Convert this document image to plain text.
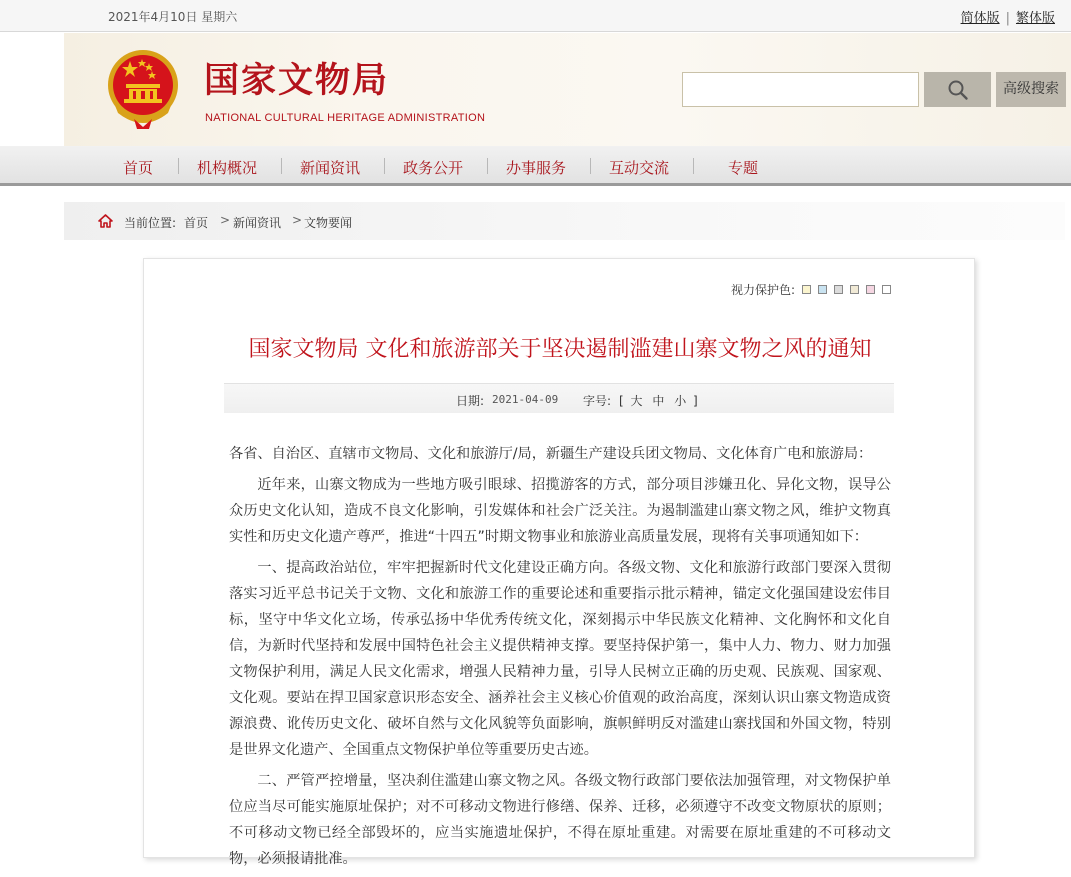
2021年4月10日 星期六	简体版 | 繁体版
国家文物局
NATIONAL CULTURAL HERITAGE ADMINISTRATION
高级搜索
首页	机构概况	新闻资讯	政务公开	办事服务	互动交流	专题
当前位置: 首页 > 新闻资讯 > 文物要闻
视力保护色:
国家文物局 文化和旅游部关于坚决遏制滥建山寨文物之风的通知
日期: 2021-04-09 字号: [ 大 中 小 ]

各省、自治区、直辖市文物局、文化和旅游厅/局，新疆生产建设兵团文物局、文化体育广电和旅游局：

近年来，山寨文物成为一些地方吸引眼球、招揽游客的方式，部分项目涉嫌丑化、异化文物，误导公众历史文化认知，造成不良文化影响，引发媒体和社会广泛关注。为遏制滥建山寨文物之风，维护文物真实性和历史文化遗产尊严，推进“十四五”时期文物事业和旅游业高质量发展，现将有关事项通知如下：

一、提高政治站位，牢牢把握新时代文化建设正确方向。各级文物、文化和旅游行政部门要深入贯彻落实习近平总书记关于文物、文化和旅游工作的重要论述和重要指示批示精神，锚定文化强国建设宏伟目标，坚守中华文化立场，传承弘扬中华优秀传统文化，深刻揭示中华民族文化精神、文化胸怀和文化自信，为新时代坚持和发展中国特色社会主义提供精神支撑。要坚持保护第一，集中人力、物力、财力加强文物保护利用，满足人民文化需求，增强人民精神力量，引导人民树立正确的历史观、民族观、国家观、文化观。要站在捍卫国家意识形态安全、涵养社会主义核心价值观的政治高度，深刻认识山寨文物造成资源浪费、讹传历史文化、破坏自然与文化风貌等负面影响，旗帜鲜明反对滥建山寨找国和外国文物，特别是世界文化遗产、全国重点文物保护单位等重要历史古迹。

二、严管严控增量，坚决刹住滥建山寨文物之风。各级文物行政部门要依法加强管理，对文物保护单位应当尽可能实施原址保护；对不可移动文物进行修缮、保养、迁移，必须遵守不改变文物原状的原则；不可移动文物已经全部毁坏的，应当实施遗址保护，不得在原址重建。对需要在原址重建的不可移动文物，必须报请批准。
